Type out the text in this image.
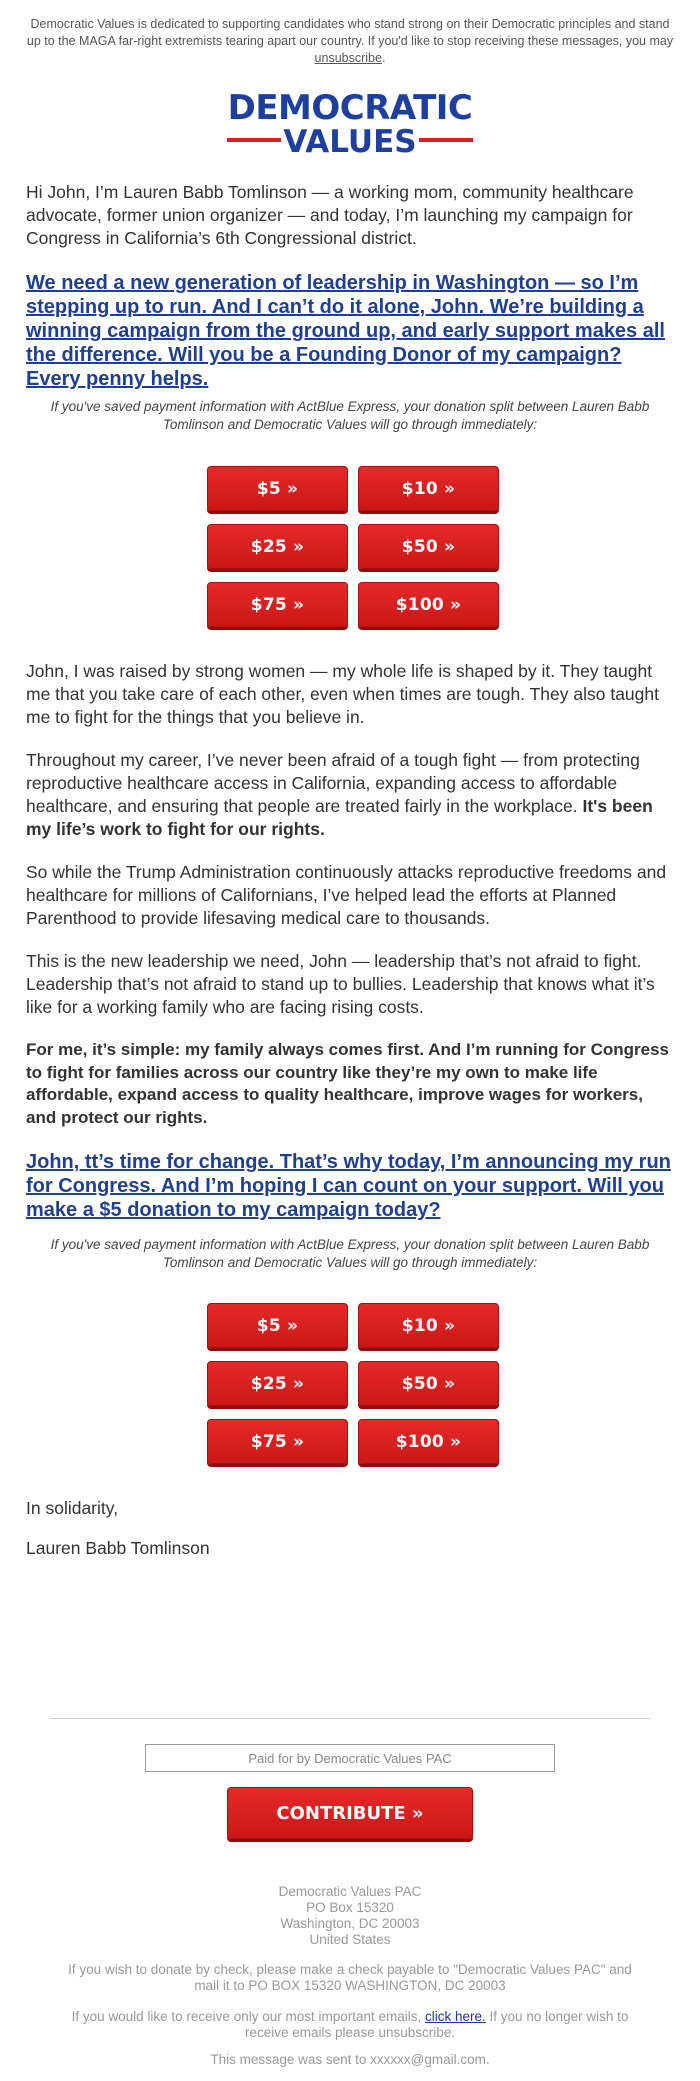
Democratic Values is dedicated to supporting candidates who stand strong on their Democratic principles and stand up to the MAGA far-right extremists tearing apart our country. If you'd like to stop receiving these messages, you may unsubscribe.
DEMOCRATIC
VALUES

Hi John, I’m Lauren Babb Tomlinson — a working mom, community healthcare advocate, former union organizer — and today, I’m launching my campaign for Congress in California’s 6th Congressional district.

We need a new generation of leadership in Washington — so I’m stepping up to run. And I can’t do it alone, John. We’re building a winning campaign from the ground up, and early support makes all the difference. Will you be a Founding Donor of my campaign? Every penny helps.

If you've saved payment information with ActBlue Express, your donation split between Lauren Babb Tomlinson and Democratic Values will go through immediately:

$5 »	$10 »
$25 »	$50 »
$75 »	$100 »

John, I was raised by strong women — my whole life is shaped by it. They taught me that you take care of each other, even when times are tough. They also taught me to fight for the things that you believe in.

Throughout my career, I’ve never been afraid of a tough fight — from protecting reproductive healthcare access in California, expanding access to affordable healthcare, and ensuring that people are treated fairly in the workplace. It's been my life’s work to fight for our rights.

So while the Trump Administration continuously attacks reproductive freedoms and healthcare for millions of Californians, I’ve helped lead the efforts at Planned Parenthood to provide lifesaving medical care to thousands.

This is the new leadership we need, John — leadership that’s not afraid to fight. Leadership that’s not afraid to stand up to bullies. Leadership that knows what it’s like for a working family who are facing rising costs.

For me, it’s simple: my family always comes first. And I’m running for Congress to fight for families across our country like they’re my own to make life affordable, expand access to quality healthcare, improve wages for workers, and protect our rights.

John, tt’s time for change. That’s why today, I’m announcing my run for Congress. And I’m hoping I can count on your support. Will you make a $5 donation to my campaign today?

If you've saved payment information with ActBlue Express, your donation split between Lauren Babb Tomlinson and Democratic Values will go through immediately:

$5 »	$10 »
$25 »	$50 »
$75 »	$100 »

In solidarity,

Lauren Babb Tomlinson

Paid for by Democratic Values PAC
CONTRIBUTE »
Democratic Values PAC
PO Box 15320
Washington, DC 20003
United States

If you wish to donate by check, please make a check payable to "Democratic Values PAC" and mail it to PO BOX 15320 WASHINGTON, DC 20003

If you would like to receive only our most important emails, click here. If you no longer wish to receive emails please unsubscribe.

This message was sent to xxxxxx@gmail.com.
